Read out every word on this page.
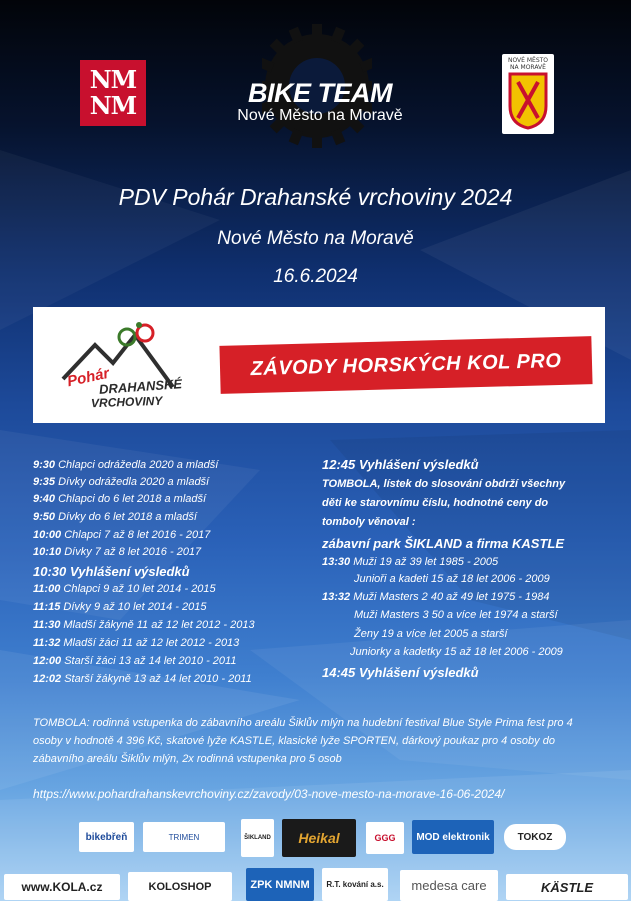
NM
NM	BIKE TEAM
Nové Město na Moravě
NOVÉ MĚSTO
NA MORAVĚ
PDV Pohár Drahanské vrchoviny 2024
Nové Město na Moravě
16.6.2024
Pohár
DRAHANSKÉ
VRCHOVINY
ZÁVODY HORSKÝCH KOL PRO VŠECHNY
9:30 Chlapci odrážedla 2020 a mladší
9:35 Dívky odrážedla 2020 a mladší
9:40 Chlapci do 6 let 2018 a mladší
9:50 Dívky do 6 let 2018 a mladší
10:00 Chlapci 7 až 8 let 2016 - 2017
10:10 Dívky 7 až 8 let 2016 - 2017
10:30 Vyhlášení výsledků
11:00 Chlapci 9 až 10 let 2014 - 2015
11:15 Dívky 9 až 10 let 2014 - 2015
11:30 Mladší žákyně 11 až 12 let 2012 - 2013
11:32 Mladší žáci 11 až 12 let 2012 - 2013
12:00 Starší žáci 13 až 14 let 2010 - 2011
12:02 Starší žákyně 13 až 14 let 2010 - 2011
12:45 Vyhlášení výsledků
TOMBOLA, lístek do slosování obdrží všechny
děti ke starovnímu číslu, hodnotné ceny do
tomboly věnoval :
zábavní park ŠIKLAND a firma KASTLE
13:30 Muži 19 až 39 let 1985 - 2005
Junioři a kadeti 15 až 18 let 2006 - 2009
13:32 Muži Masters 2 40 až 49 let 1975 - 1984
Muži Masters 3 50 a více let 1974 a starší
Ženy 19 a více let 2005 a starší
Juniorky a kadetky 15 až 18 let 2006 - 2009
14:45 Vyhlášení výsledků
TOMBOLA: rodinná vstupenka do zábavního areálu Šiklův mlýn na hudební festival Blue Style Prima fest pro 4 osoby v hodnotě 4 396 Kč, skatové lyže KASTLE, klasické lyže SPORTEN, dárkový poukaz pro 4 osoby do zábavního areálu Šiklův mlýn, 2x rodinná vstupenka pro 5 osob
https://www.pohardrahanskevrchoviny.cz/zavody/03-nove-mesto-na-morave-16-06-2024/
bikebřeň	TRIMEN	ŠIKLAND	Heikal	GGG	MOD elektronik	TOKOZ
www.KOLA.cz	KOLOSHOP	ZPK NMNM	R.T. kování a.s.	medesa care	KÄSTLE
